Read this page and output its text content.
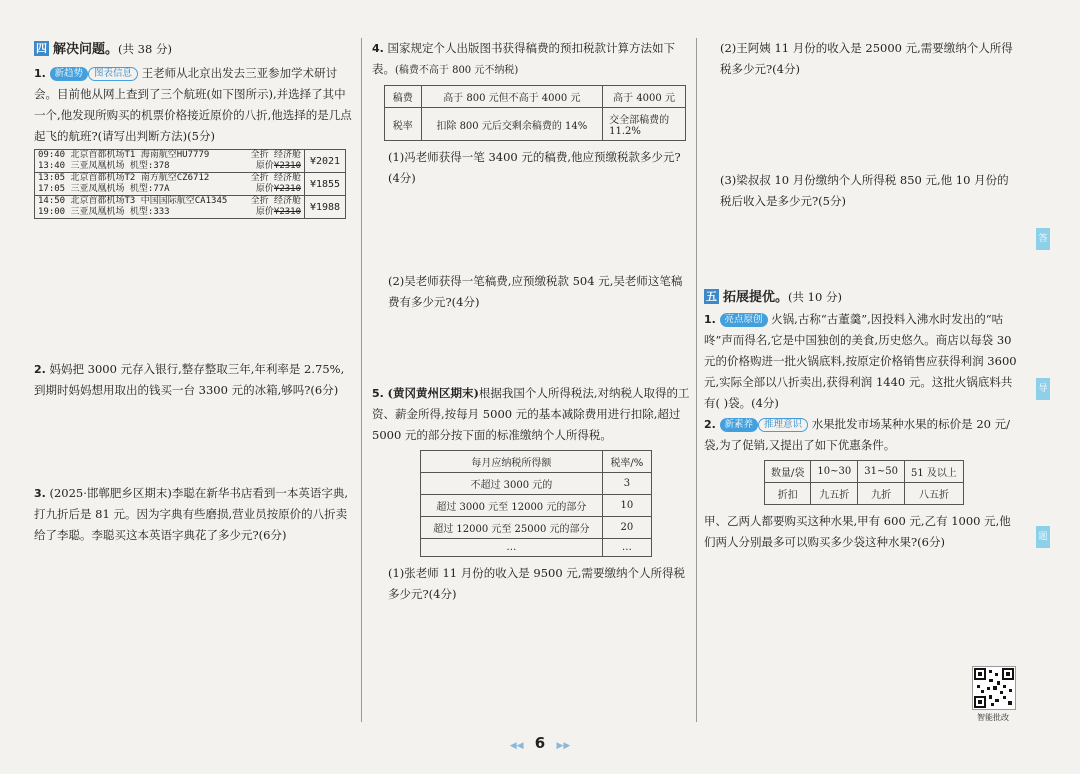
四 解决问题。(共 38 分)

1. 新趋势 图表信息 王老师从北京出发去三亚参加学术研讨会。目前他从网上查到了三个航班(如下图所示),并选择了其中一个,他发现所购买的机票价格接近原价的八折,他选择的是几点起飞的航班?(请写出判断方法)(5分)

09:40 北京首都机场T1 海南航空HU7779	全折 经济舱	¥2021
13:40 三亚凤凰机场 机型:378	原价¥2310	
13:05 北京首都机场T2 南方航空CZ6712	全折 经济舱	¥1855
17:05 三亚凤凰机场 机型:77A	原价¥2310	
14:50 北京首都机场T3 中国国际航空CA1345	全折 经济舱	¥1988
19:00 三亚凤凰机场 机型:333	原价¥2310	

2. 妈妈把 3000 元存入银行,整存整取三年,年利率是 2.75%,到期时妈妈想用取出的钱买一台 3300 元的冰箱,够吗?(6分)

3. (2025·邯郸肥乡区期末)李聪在新华书店看到一本英语字典,打九折后是 81 元。因为字典有些磨损,营业员按原价的八折卖给了李聪。李聪买这本英语字典花了多少元?(6分)

4. 国家规定个人出版图书获得稿费的预扣税款计算方法如下表。(稿费不高于 800 元不纳税)

稿费	高于 800 元但不高于 4000 元	高于 4000 元
税率	扣除 800 元后交剩余稿费的 14%	交全部稿费的
11.2%

(1)冯老师获得一笔 3400 元的稿费,他应预缴税款多少元?(4分)

(2)吴老师获得一笔稿费,应预缴税款 504 元,吴老师这笔稿费有多少元?(4分)

5. (黄冈黄州区期末)根据我国个人所得税法,对纳税人取得的工资、薪金所得,按每月 5000 元的基本减除费用进行扣除,超过 5000 元的部分按下面的标准缴纳个人所得税。

每月应纳税所得额	税率/%
不超过 3000 元的	3
超过 3000 元至 12000 元的部分	10
超过 12000 元至 25000 元的部分	20
…	…

(1)张老师 11 月份的收入是 9500 元,需要缴纳个人所得税多少元?(4分)

(2)王阿姨 11 月份的收入是 25000 元,需要缴纳个人所得税多少元?(4分)

(3)梁叔叔 10 月份缴纳个人所得税 850 元,他 10 月份的税后收入是多少元?(5分)

五 拓展提优。(共 10 分)

1. 亮点原创 火锅,古称“古董羹”,因投料入沸水时发出的“咕咚”声而得名,它是中国独创的美食,历史悠久。商店以每袋 30 元的价格购进一批火锅底料,按原定价格销售应获得利润 3600 元,实际全部以八折卖出,获得利润 1440 元。这批火锅底料共有( )袋。(4分)

2. 新素养 推理意识 水果批发市场某种水果的标价是 20 元/袋,为了促销,又提出了如下优惠条件。

数量/袋	10~30	31~50	51 及以上
折扣	九五折	九折	八五折

甲、乙两人都要购买这种水果,甲有 600 元,乙有 1000 元,他们两人分别最多可以购买多少袋这种水果?(6分)

答
导
题
智能批改
◀◀ 6 ▶▶
